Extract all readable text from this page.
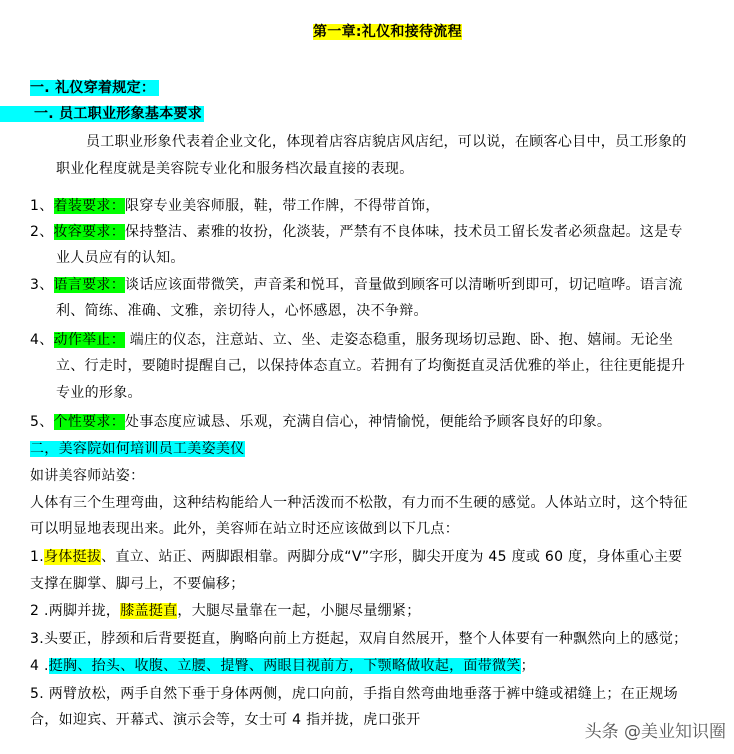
第一章:礼仪和接待流程
一. 礼仪穿着规定：
一. 员工职业形象基本要求
员工职业形象代表着企业文化，体现着店容店貌店风店纪，可以说，在顾客心目中，员工形象的
职业化程度就是美容院专业化和服务档次最直接的表现。
1、着装要求：限穿专业美容师服，鞋，带工作牌，不得带首饰，
2、妆容要求：保持整洁、素雅的妆扮，化淡装，严禁有不良体味，技术员工留长发者必须盘起。这是专
业人员应有的认知。
3、语言要求：谈话应该面带微笑，声音柔和悦耳，音量做到顾客可以清晰听到即可，切记喧哗。语言流
利、简练、准确、文雅，亲切待人，心怀感恩，决不争辩。
4、动作举止： 端庄的仪态，注意站、立、坐、走姿态稳重，服务现场切忌跑、卧、抱、嬉闹。无论坐
立、行走时，要随时提醒自己，以保持体态直立。若拥有了均衡挺直灵活优雅的举止，往往更能提升
专业的形象。
5、个性要求：处事态度应诚恳、乐观，充满自信心，神情愉悦，便能给予顾客良好的印象。
二，美容院如何培训员工美姿美仪
如讲美容师站姿：
人体有三个生理弯曲，这种结构能给人一种活泼而不松散，有力而不生硬的感觉。人体站立时，这个特征
可以明显地表现出来。此外，美容师在站立时还应该做到以下几点：
1.身体挺拔、直立、站正、两脚跟相靠。两脚分成“V”字形，脚尖开度为 45 度或 60 度，身体重心主要
支撑在脚掌、脚弓上，不要偏移；
2 .两脚并拢，膝盖挺直，大腿尽量靠在一起，小腿尽量绷紧；
3.头要正，脖颈和后背要挺直，胸略向前上方挺起，双肩自然展开，整个人体要有一种飘然向上的感觉；
4 .挺胸、抬头、收腹、立腰、提臀、两眼目视前方，下颚略做收起，面带微笑；
5. 两臂放松，两手自然下垂于身体两侧，虎口向前，手指自然弯曲地垂落于裤中缝或裙缝上；在正规场
合，如迎宾、开幕式、演示会等，女士可 4 指并拢，虎口张开
头条 @美业知识圈
